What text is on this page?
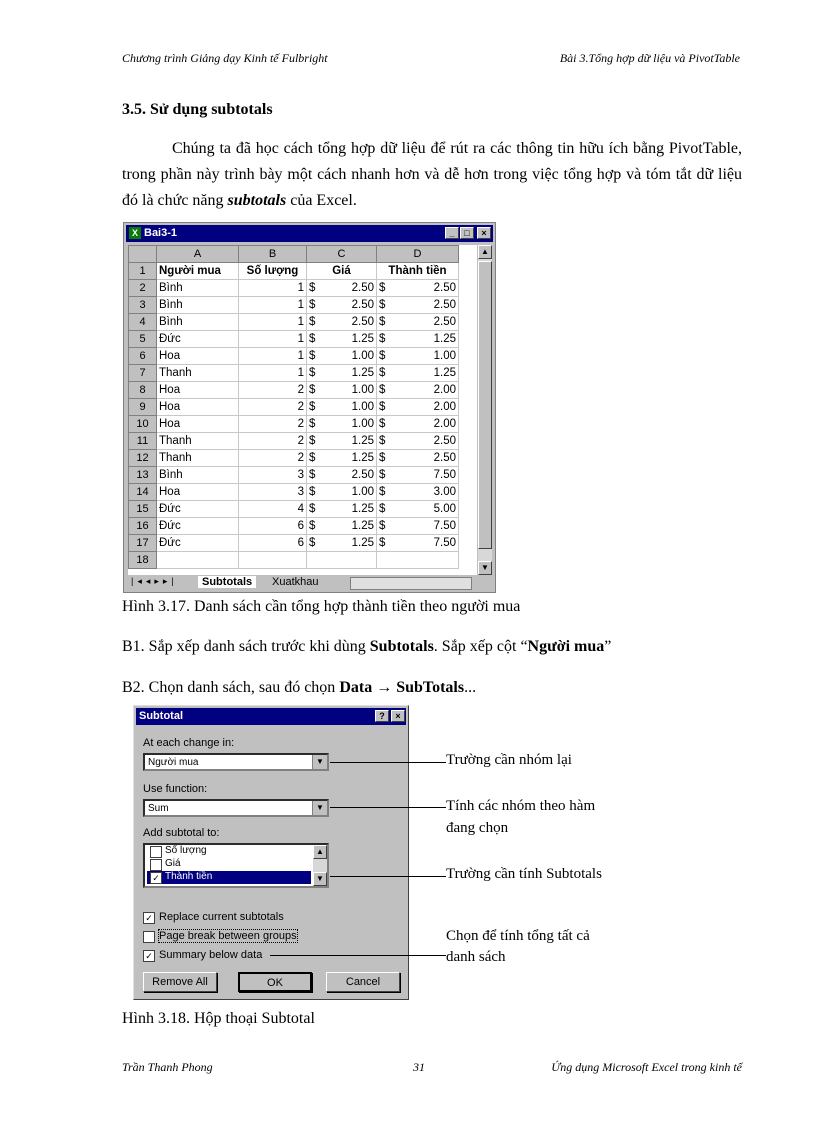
Chương trình Giảng dạy Kinh tế Fulbright	Bài 3.Tổng hợp dữ liệu và PivotTable
3.5. Sử dụng subtotals
Chúng ta đã học cách tổng hợp dữ liệu để rút ra các thông tin hữu ích bằng PivotTable, trong phần này trình bày một cách nhanh hơn và dễ hơn trong việc tổng hợp và tóm tắt dữ liệu đó là chức năng subtotals của Excel.
X Bai3-1	_	□	×
	A	B	C	D
1	Người mua	Số lượng	Giá	Thành tiền
2	Bình	1	$ 2.50	$ 2.50

3	Bình	1	$ 2.50	$ 2.50

4	Bình	1	$ 2.50	$ 2.50

5	Đức	1	$ 1.25	$ 1.25

6	Hoa	1	$ 1.00	$ 1.00

7	Thanh	1	$ 1.25	$ 1.25

8	Hoa	2	$ 1.00	$ 2.00

9	Hoa	2	$ 1.00	$ 2.00

10	Hoa	2	$ 1.00	$ 2.00

11	Thanh	2	$ 1.25	$ 2.50

12	Thanh	2	$ 1.25	$ 2.50

13	Bình	3	$ 2.50	$ 7.50

14	Hoa	3	$ 1.00	$ 3.00

15	Đức	4	$ 1.25	$ 5.00

16	Đức	6	$ 1.25	$ 7.50

17	Đức	6	$ 1.25	$ 7.50

18				
▲
▼
|◂◂▸▸|	Subtotals	Xuatkhau
Hình 3.17. Danh sách cần tổng hợp thành tiền theo người mua
B1. Sắp xếp danh sách trước khi dùng Subtotals. Sắp xếp cột “Người mua”
B2. Chọn danh sách, sau đó chọn Data → SubTotals...
Subtotal	?	×
At each change in:
Người mua	▼
Use function:
Sum	▼
Add subtotal to:
Số lượng
Giá
✓ Thành tiền
▲
▼
✓ Replace current subtotals
Page break between groups
✓ Summary below data
Remove All	OK	Cancel
Trường cần nhóm lại
Tính các nhóm theo hàm
đang chọn
Trường cần tính Subtotals
Chọn để tính tổng tất cả
danh sách
Hình 3.18. Hộp thoại Subtotal
Trần Thanh Phong	31	Ứng dụng Microsoft Excel trong kinh tế
